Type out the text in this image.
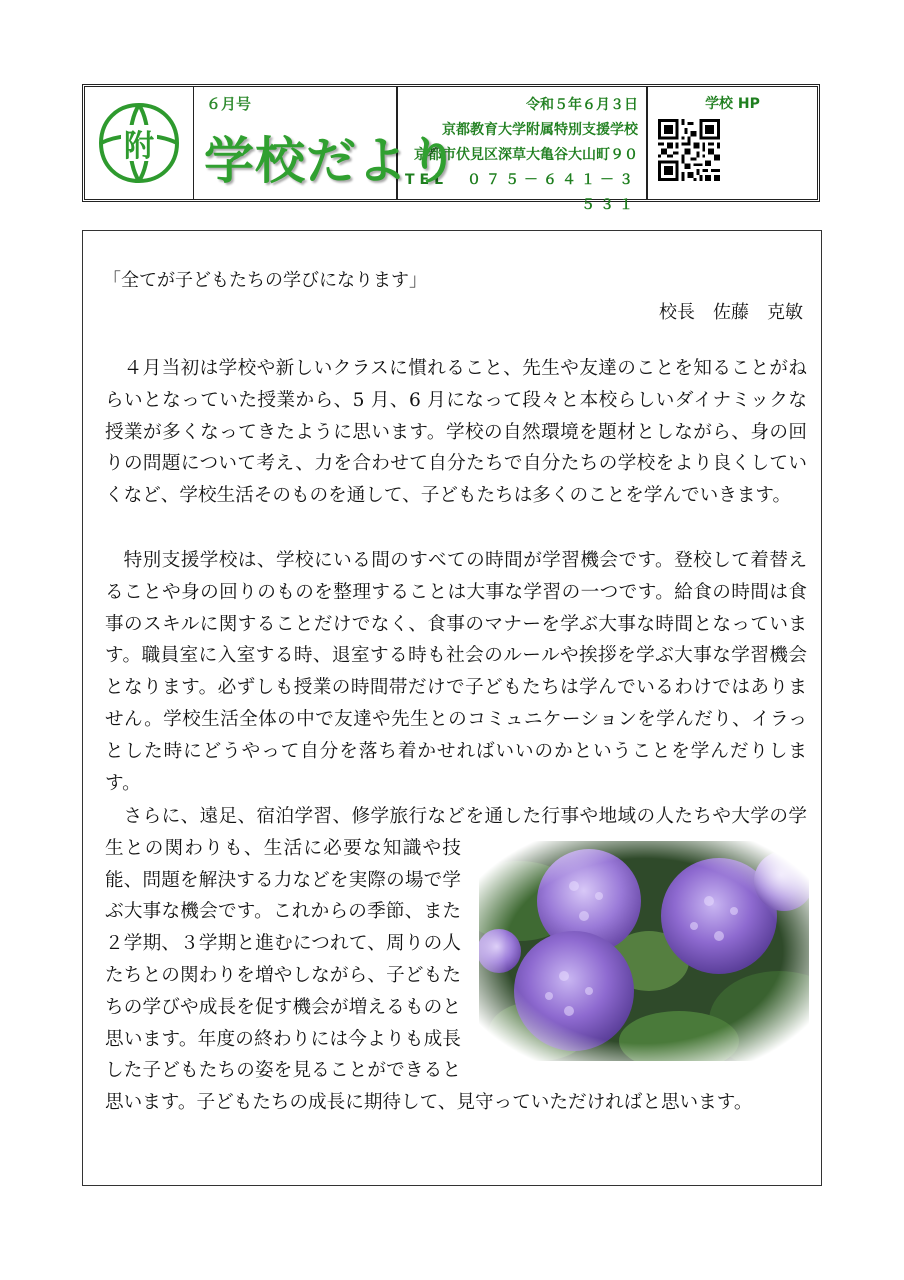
附
６月号
学校だより
令和５年６月３日
京都教育大学附属特別支援学校
京都市伏見区深草大亀谷大山町９０
TEL　０７５－６４１－３５３１
学校 HP
「全てが子どもたちの学びになります」
校長　佐藤　克敏

４月当初は学校や新しいクラスに慣れること、先生や友達のことを知ることがねらいとなっていた授業から、5 月、6 月になって段々と本校らしいダイナミックな授業が多くなってきたように思います。学校の自然環境を題材としながら、身の回りの問題について考え、力を合わせて自分たちで自分たちの学校をより良くしていくなど、学校生活そのものを通して、子どもたちは多くのことを学んでいきます。

特別支援学校は、学校にいる間のすべての時間が学習機会です。登校して着替えることや身の回りのものを整理することは大事な学習の一つです。給食の時間は食事のスキルに関することだけでなく、食事のマナーを学ぶ大事な時間となっています。職員室に入室する時、退室する時も社会のルールや挨拶を学ぶ大事な学習機会となります。必ずしも授業の時間帯だけで子どもたちは学んでいるわけではありません。学校生活全体の中で友達や先生とのコミュニケーションを学んだり、イラっとした時にどうやって自分を落ち着かせればいいのかということを学んだりします。

さらに、遠足、宿泊学習、修学旅行などを通した行事や地域の人たちや大学の学生との関わりも、生活に必要な知識や技能、問題を解決する力などを実際の場で学ぶ大事な機会です。これからの季節、また２学期、３学期と進むにつれて、周りの人たちとの関わりを増やしながら、子どもたちの学びや成長を促す機会が増えるものと思います。年度の終わりには今よりも成長した子どもたちの姿を見ることができると思います。子どもたちの成長に期待して、見守っていただければと思います。
